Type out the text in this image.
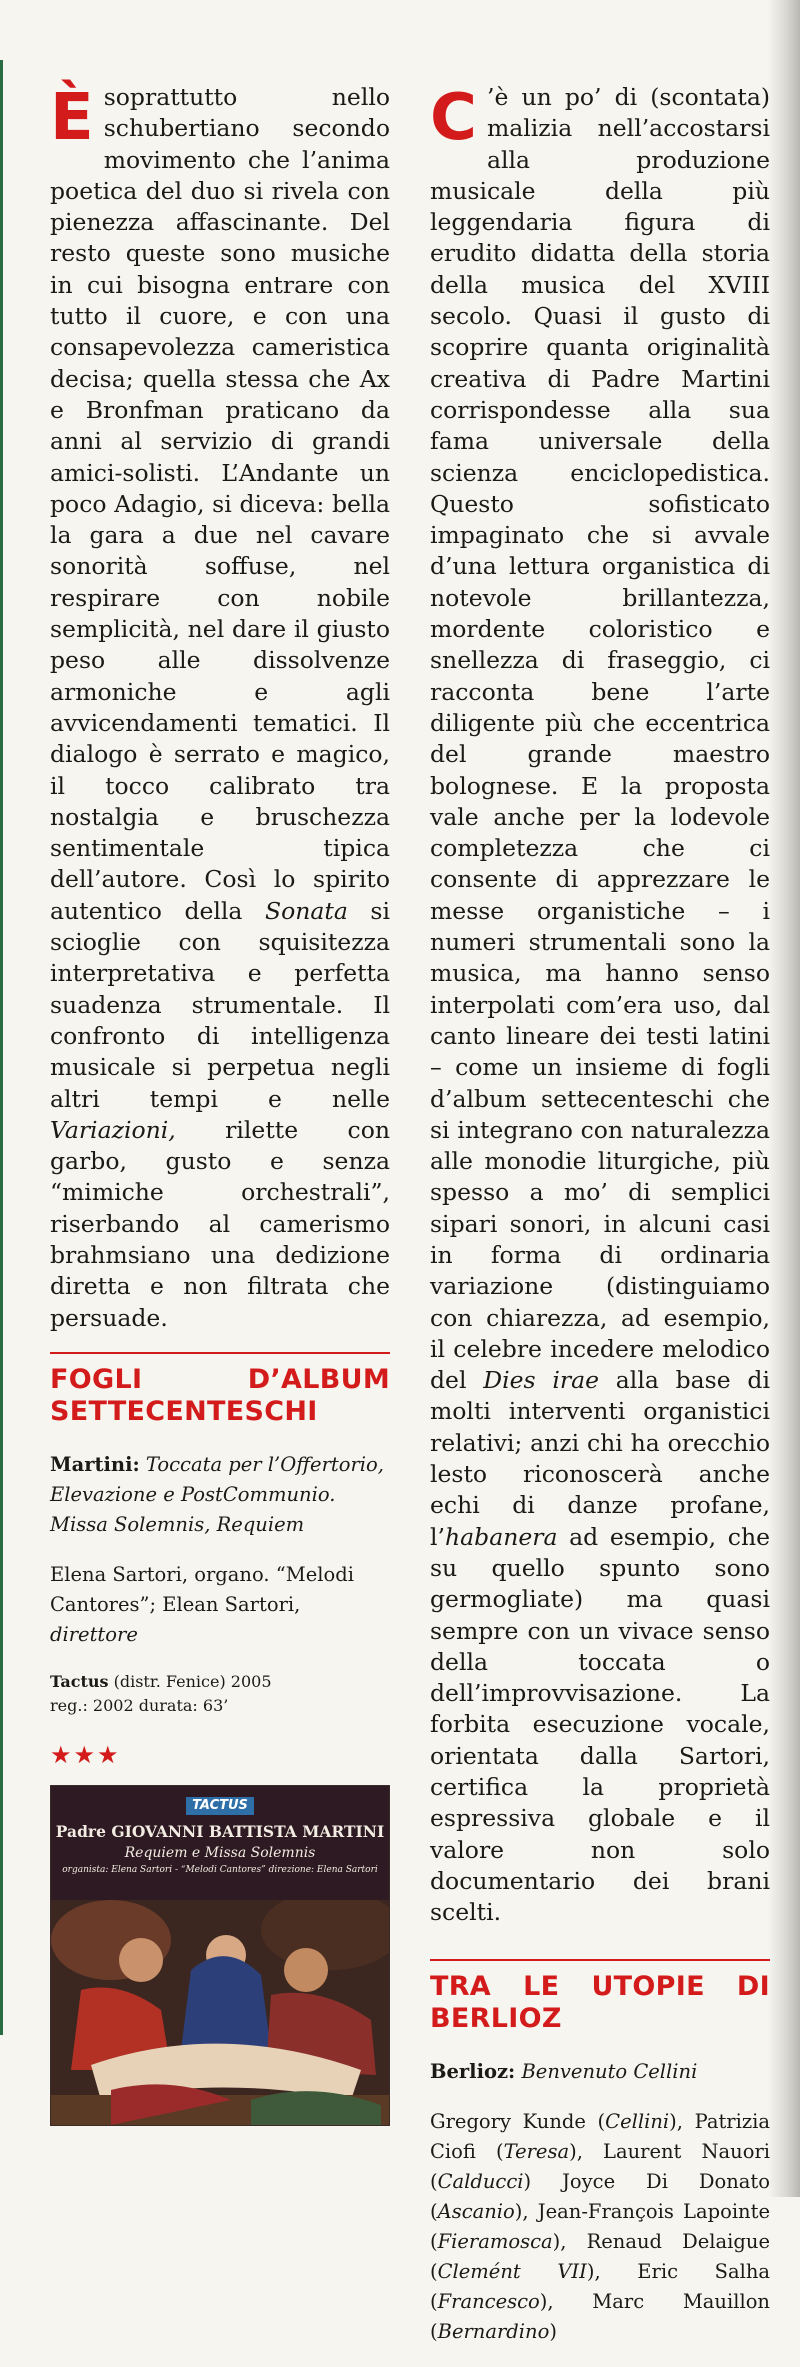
Èsoprattutto nello schubertiano secondo movimento che l’anima poetica del duo si rivela con pienezza affascinante. Del resto queste sono musiche in cui bisogna entrare con tutto il cuore, e con una consapevolezza cameristica decisa; quella stessa che Ax e Bronfman praticano da anni al servizio di grandi amici-solisti. L’Andante un poco Adagio, si diceva: bella la gara a due nel cavare sonorità soffuse, nel respirare con nobile semplicità, nel dare il giusto peso alle dissolvenze armoniche e agli avvicendamenti tematici. Il dialogo è serrato e magico, il tocco calibrato tra nostalgia e bruschezza sentimentale tipica dell’autore. Così lo spirito autentico della Sonata si scioglie con squisitezza interpretativa e perfetta suadenza strumentale. Il confronto di intelligenza musicale si perpetua negli altri tempi e nelle Variazioni, rilette con garbo, gusto e senza “mimiche orchestrali”, riserbando al camerismo brahmsiano una dedizione diretta e non filtrata che persuade.

FOGLI D’ALBUM SETTECENTESCHI
Martini: Toccata per l’Offertorio, Elevazione e PostCommunio. Missa Solemnis, Requiem
Elena Sartori, organo. “Melodi Cantores”; Elean Sartori, direttore
Tactus (distr. Fenice) 2005
reg.: 2002 durata: 63’
★★★
TACTUS
Padre GIOVANNI BATTISTA MARTINI
Requiem e Missa Solemnis
organista: Elena Sartori - “Melodi Cantores” direzione: Elena Sartori

C ’è un po’ di (scontata) malizia nell’accostarsi alla produzione musicale della più leggendaria figura di erudito didatta della storia della musica del XVIII secolo. Quasi il gusto di scoprire quanta originalità creativa di Padre Martini corrispondesse alla sua fama universale della scienza enciclopedistica. Questo sofisticato impaginato che si avvale d’una lettura organistica di notevole brillantezza, mordente coloristico e snellezza di fraseggio, ci racconta bene l’arte diligente più che eccentrica del grande maestro bolognese. E la proposta vale anche per la lodevole completezza che ci consente di apprezzare le messe organistiche – i numeri strumentali sono la musica, ma hanno senso interpolati com’era uso, dal canto lineare dei testi latini – come un insieme di fogli d’album settecenteschi che si integrano con naturalezza alle monodie liturgiche, più spesso a mo’ di semplici sipari sonori, in alcuni casi in forma di ordinaria variazione (distinguiamo con chiarezza, ad esempio, il celebre incedere melodico del Dies irae alla base di molti interventi organistici relativi; anzi chi ha orecchio lesto riconoscerà anche echi di danze profane, l’habanera ad esempio, che su quello spunto sono germogliate) ma quasi sempre con un vivace senso della toccata o dell’improvvisazione. La forbita esecuzione vocale, orientata dalla Sartori, certifica la proprietà espressiva globale e il valore non solo documentario dei brani scelti.

TRA LE UTOPIE DI BERLIOZ
Berlioz: Benvenuto Cellini
Gregory Kunde (Cellini), Patrizia Ciofi (Teresa), Laurent Nauori (Calducci) Joyce Di Donato (Ascanio), Jean-François Lapointe (Fieramosca), Renaud Delaigue (Clemént VII), Eric Salha (Francesco), Marc Mauillon (Bernardino)
